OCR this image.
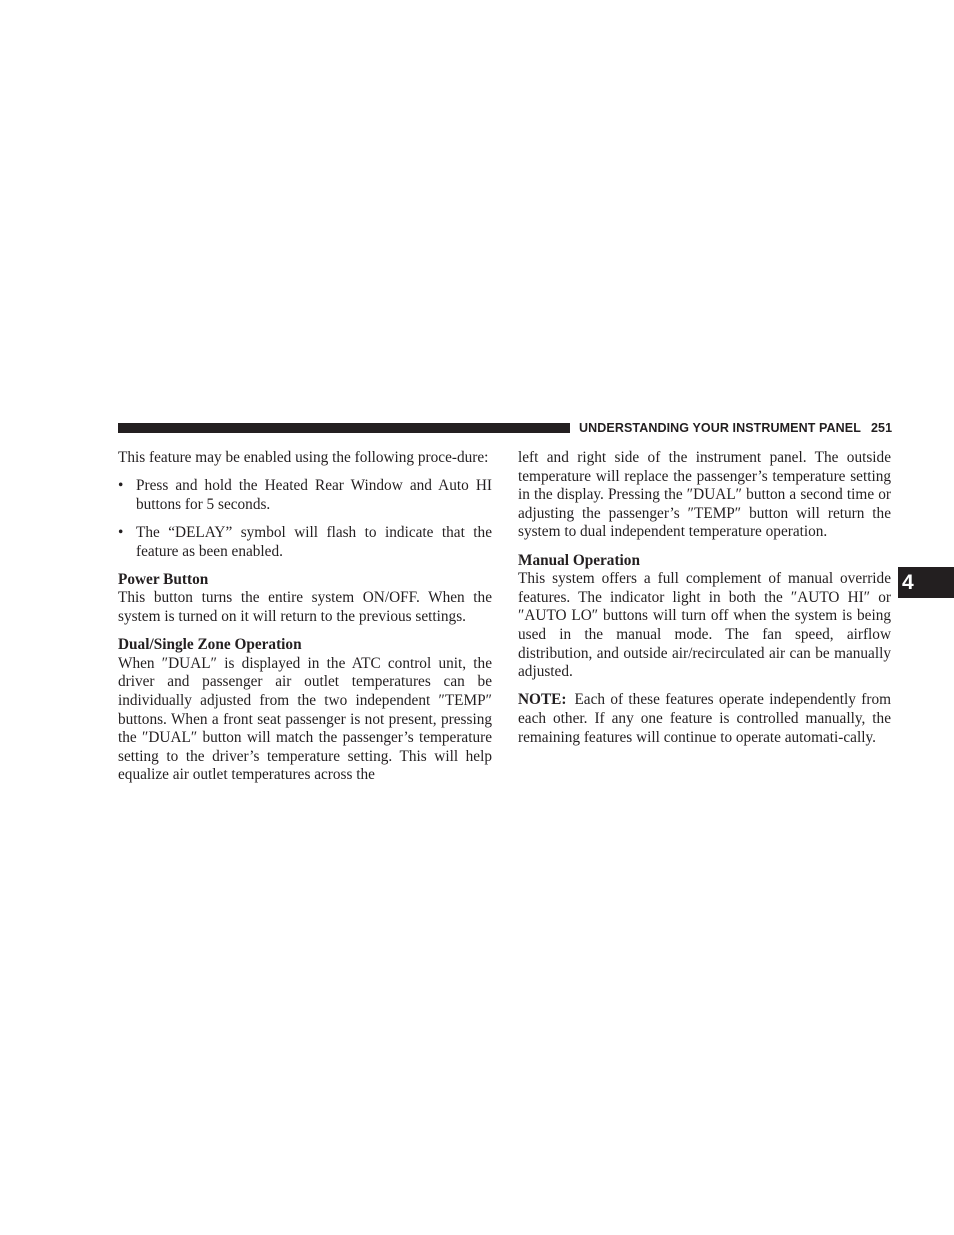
UNDERSTANDING YOUR INSTRUMENT PANEL 251
4

This feature may be enabled using the following proce-dure:

• Press and hold the Heated Rear Window and Auto HI buttons for 5 seconds.
• The “DELAY” symbol will flash to indicate that the feature as been enabled.
Power Button

This button turns the entire system ON/OFF. When the system is turned on it will return to the previous settings.

Dual/Single Zone Operation

When ″DUAL″ is displayed in the ATC control unit, the driver and passenger air outlet temperatures can be individually adjusted from the two independent ″TEMP″ buttons. When a front seat passenger is not present, pressing the ″DUAL″ button will match the passenger’s temperature setting to the driver’s temperature setting. This will help equalize air outlet temperatures across the

left and right side of the instrument panel. The outside temperature will replace the passenger’s temperature setting in the display. Pressing the ″DUAL″ button a second time or adjusting the passenger’s ″TEMP″ button will return the system to dual independent temperature operation.

Manual Operation

This system offers a full complement of manual override features. The indicator light in both the ″AUTO HI″ or ″AUTO LO″ buttons will turn off when the system is being used in the manual mode. The fan speed, airflow distribution, and outside air/recirculated air can be manually adjusted.

NOTE: Each of these features operate independently from each other. If any one feature is controlled manually, the remaining features will continue to operate automati-cally.
